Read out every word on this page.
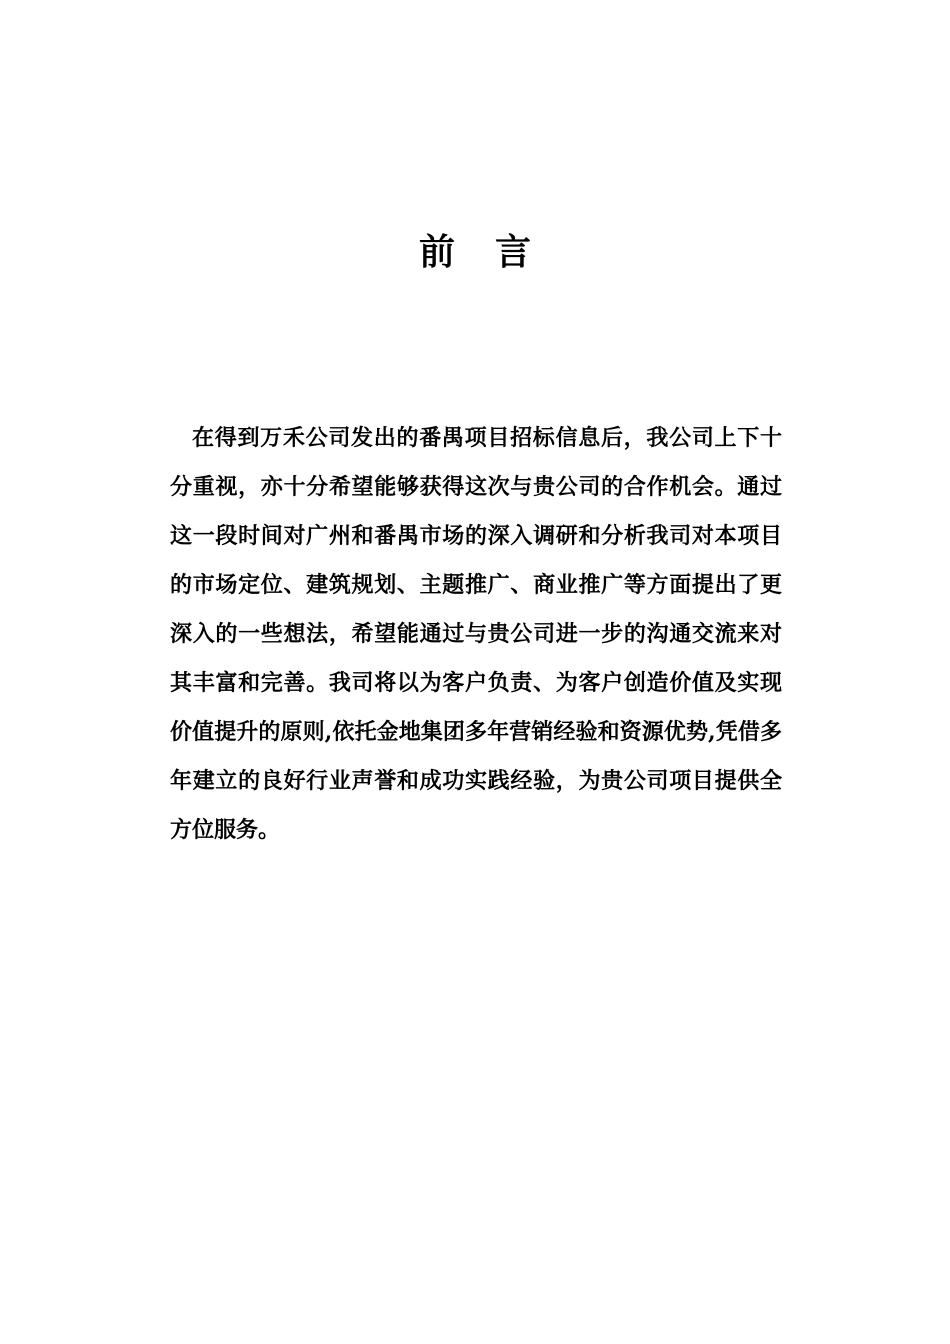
前言

在得到万禾公司发出的番禺项目招标信息后，我公司上下十分重视，亦十分希望能够获得这次与贵公司的合作机会。通过这一段时间对广州和番禺市场的深入调研和分析我司对本项目的市场定位、建筑规划、主题推广、商业推广等方面提出了更深入的一些想法，希望能通过与贵公司进一步的沟通交流来对其丰富和完善。我司将以为客户负责、为客户创造价值及实现价值提升的原则,依托金地集团多年营销经验和资源优势,凭借多年建立的良好行业声誉和成功实践经验，为贵公司项目提供全方位服务。
